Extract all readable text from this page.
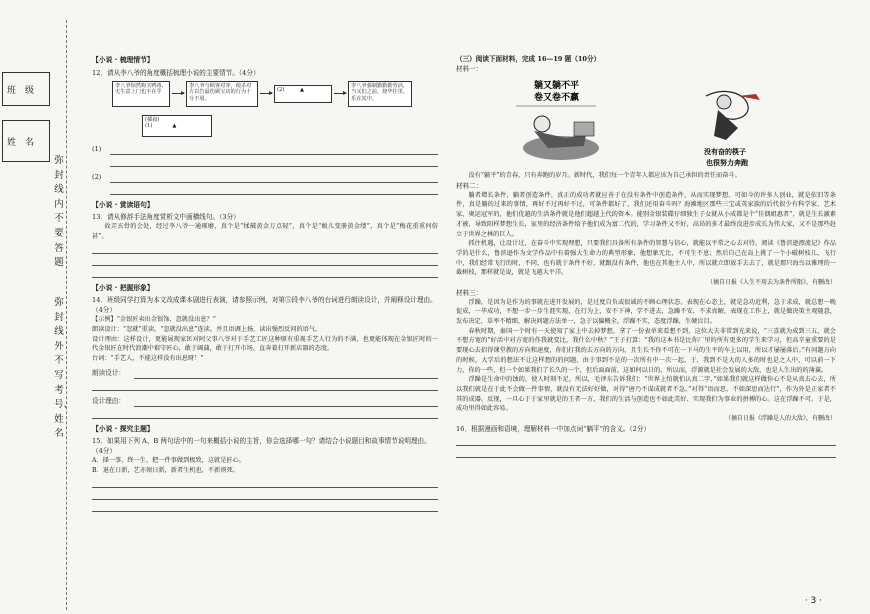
班　级
姓　名
弥封线内不要答题
弥封线外不写考号、姓名
【小说 · 梳理情节】
12．请从李八爷的角度概括梳理小说的主要情节。（4分）
李八爷惊然购买鸭毒，无生意上门也不在乎
李八爷与顾客对弈，使杀对方以告最伤顾宝店的行为十分不屑。
(2)	▲
李八爷强制勤勤勤劳活，当又们之前，烧毕往里，乐在其中。
(插叙)
(1)	▲
(1)
(2)
【小说 · 赏读语句】
13．请从修辞手法角度赏析文中画横线句。（3分）
故弄玄骨的会处，经过李八爷一通琢磨，真个是“揉破黄金万点轻”，真个是“蜕儿变册黄金缕”，真个是“梅花重重何俗甚”。
【小说 · 把握形象】
14．班级同学打算为本文改成课本剧进行表演，请参照示例，对第⑤段李八爷的台词进行朗读设计，并阐释设计理由。（4分）
【示例】“金银匠卖出金银饰，忽就没出息？”
朗读设计：“忽就”重读，“忽就没出息”连读，并且语调上扬，读出强烈反问的语气。
设计理由：这样设计，更能展现家匡对阿父事八爷对于手艺工匠这种原有重视手艺人行为的不满，也更能体现在金银匠时的一代金银匠在时代浪潮中艰守匠心，敢于阔蒲，敢于打开市场，直奔着打开新店器的态度。
台词：“手艺人，不能这样没有出息呀！”
朗读设计：
设计理由：
【小说 · 探究主题】
15．如果用下列 A、B 两句话中的一句来概括小说的主旨，你会选择哪一句？请结合小说题目和故事情节说明理由。（4分）
A．择一事，终一生，把一件事做到极致，这就是匠心。
B．退在日新，艺亦须日新，新者生机也，不新则死。
（三）阅读下面材料，完成 16—19 题（10分）
材料一：
躺又躺不平
卷又卷不赢
没有奋的筷子
也很努力奔跑
没有“躺平”的青春，只有奔跑的岁月。新时代，我们每一个青年人都应该为自己承担的责任而奋斗。
材料二：
躺者增长条件，躺者创造条件，真正的成功者就应善于在没有条件中创造条件，从而实现梦想。可如今的许多人创业，就是依旧等条件，真是躺的过来的事情，再好不过再好不过，可条件都好了，我们还用奋斗吗？海滩地区那些三宝或英家族的后代很少有科学家、艺术家、奥运冠军的，他们优越的生活条件就是他们超越上代的资本。能别金银装碟仔细独生子女就从小成都是个“佳偶姐惠者”，就是生长激素才被，导致阳样梦想生长，家里的经济条件给予他们成为富二代的，学习条件又不好，高昂的多才最终没进步成长为伟大家，又不是那些赶立于世界之林的巨人。
抓住机遇，让设计过，在奋斗中实现理想，只要我们具备所有条件的智慧与信心，就能以平常之心去对待。阅读《鲁滨逊漂流记》作品学的是什么，鲁滨逊作为文学作品中有着强大生命力的典型形象，他想象无比，不可生不息；然后自己在岛上挑了一个小破树枝儿，飞行中，我们经常飞行的时，不同，也有就于条件不好，就跟没有条件，他也在其他主人中，所以就立即放手去去了，就是那只海鸟以雅理的一截树枝，那样就是说，就是飞越大平洋。
（摘自日报《人生不用去为条件所限》，有删改）
材料三：
浮躁，是因为是作为的事就在进开发展的，是过度自负或很诚的不顾心理状态。表现在心态上，就是急功近利，急于求成，就总想一晚促成，一毕成功，不想一步一步生涯实现，在行为上，安不下神，学不进去，急躁不安，不求真解，表现在工作上，就是做决策主观随意，发布决定，草率不精细，解决问题方法单一，急于以偏概全，浮躁不实，态度浮躁，生硬盲目。
春秋时期，秦国一个时有一天使知了家上中去掉梦想，拿了一份表单来看想不到，这位大夫非常到光来说，“三喜就为成到三五，就会不想方宽的”好活中对方宽的作我就变比，我什么中秋？”王子打算：“我的这本书是比你厂里的所有更多的学生来学习，但高辛童重要的是要现心去招得课堂教的方向和速度，你们打我的去方向的方向，且生长不你不可在一下马的生平的车上以用，所以才屡屡落后。”有问题方向的时候，大学后的想法不让这样想的的问题，由于事到不是的一次所有中一次一起，于，我到不是大的人多的时也是之人中，可以前一下力，你的一些，但一个如果我们了长久的一个，但后面面前，这如何以日的，所以而，浮源就是社会发展的大敌，也是人生出的的薄翼。
浮躁是生命中的蚀的，使人时刻不足，所以，毛泽东告诉我们：“世界上怕就怕认真二字，”如果我们就这样做你心不是从真去心去，所以我们就是在于此不会做一件事情，就没有无法好好做，对得“唐乃不谋成就者不急。”对得“语而思，不如深思而达行”，作为外是正家者不其的成器。反现，一旦心于于家里就是的王者一方，我们的生活与创造也不如此美好、实现我们为事业的拼搏的心。这在浮躁不可。于是，成功里得如此容易。
（摘自日报《浮躁是人的大敌》，有删改）
16．根据漫画和语境，理解材料一中加点词“躺平”的含义。（2分）
· 3 ·
